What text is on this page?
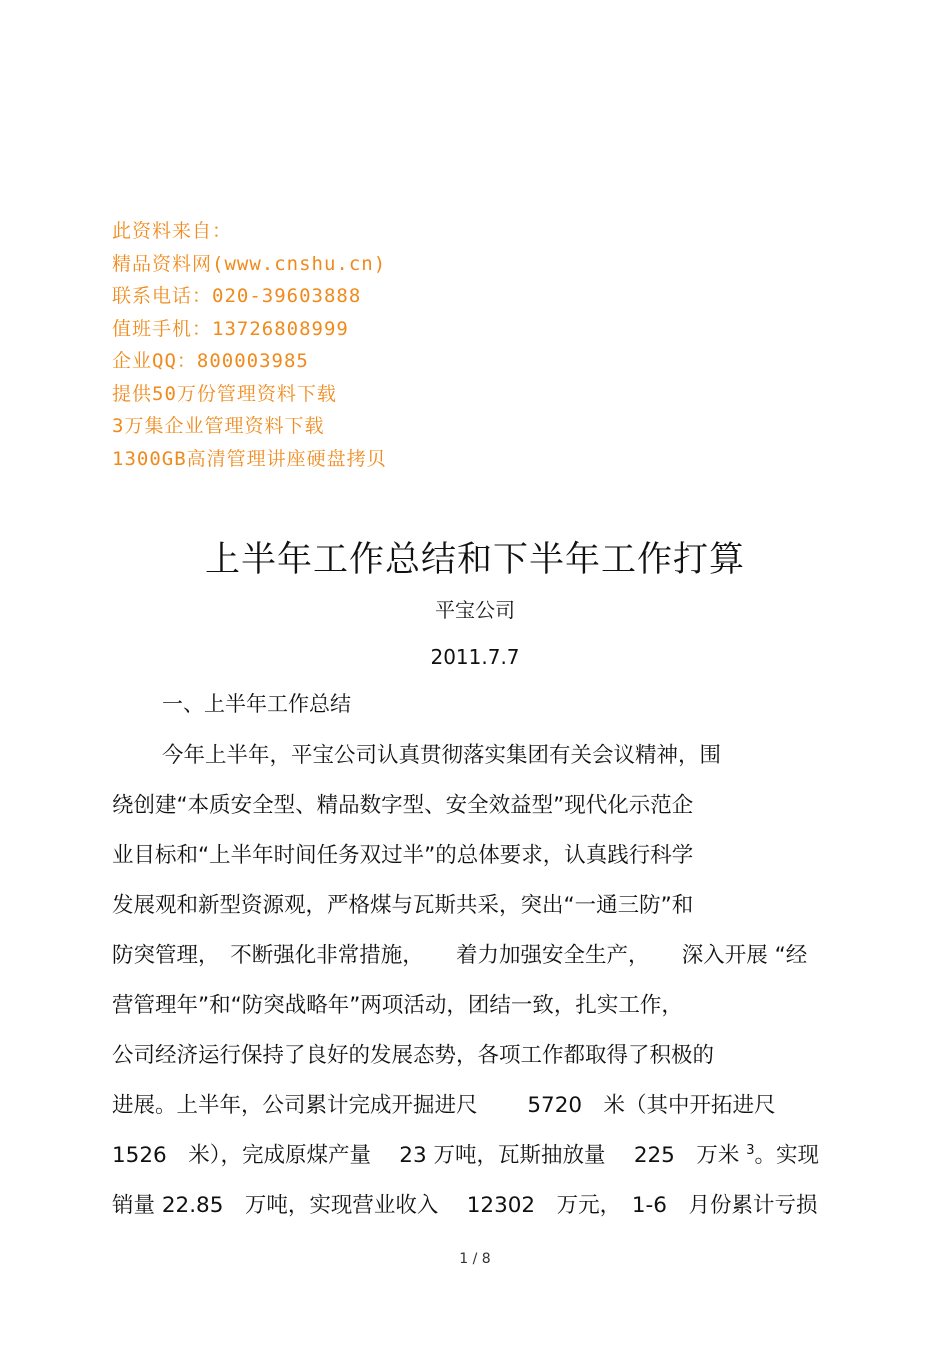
此资料来自：
精品资料网(www.cnshu.cn)
联系电话：020-39603888
值班手机：13726808999
企业QQ：800003985
提供50万份管理资料下载
3万集企业管理资料下载
1300GB高清管理讲座硬盘拷贝
上半年工作总结和下半年工作打算
平宝公司
2011.7.7
一、上半年工作总结
今年上半年，平宝公司认真贯彻落实集团有关会议精神，围
绕创建“本质安全型、精品数字型、安全效益型”现代化示范企
业目标和“上半年时间任务双过半”的总体要求，认真践行科学
发展观和新型资源观，严格煤与瓦斯共采，突出“一通三防”和
防突管理，　不断强化非常措施，　　着力加强安全生产，　　深入开展 “经
营管理年”和“防突战略年”两项活动，团结一致，扎实工作，
公司经济运行保持了良好的发展态势，各项工作都取得了积极的
进展。上半年，公司累计完成开掘进尺　　 5720　米（其中开拓进尺
1526　米），完成原煤产量　 23 万吨，瓦斯抽放量　 225　万米 $^3$。实现
销量 22.85　万吨，实现营业收入　 12302　万元，　1-6　月份累计亏损
1 / 8
